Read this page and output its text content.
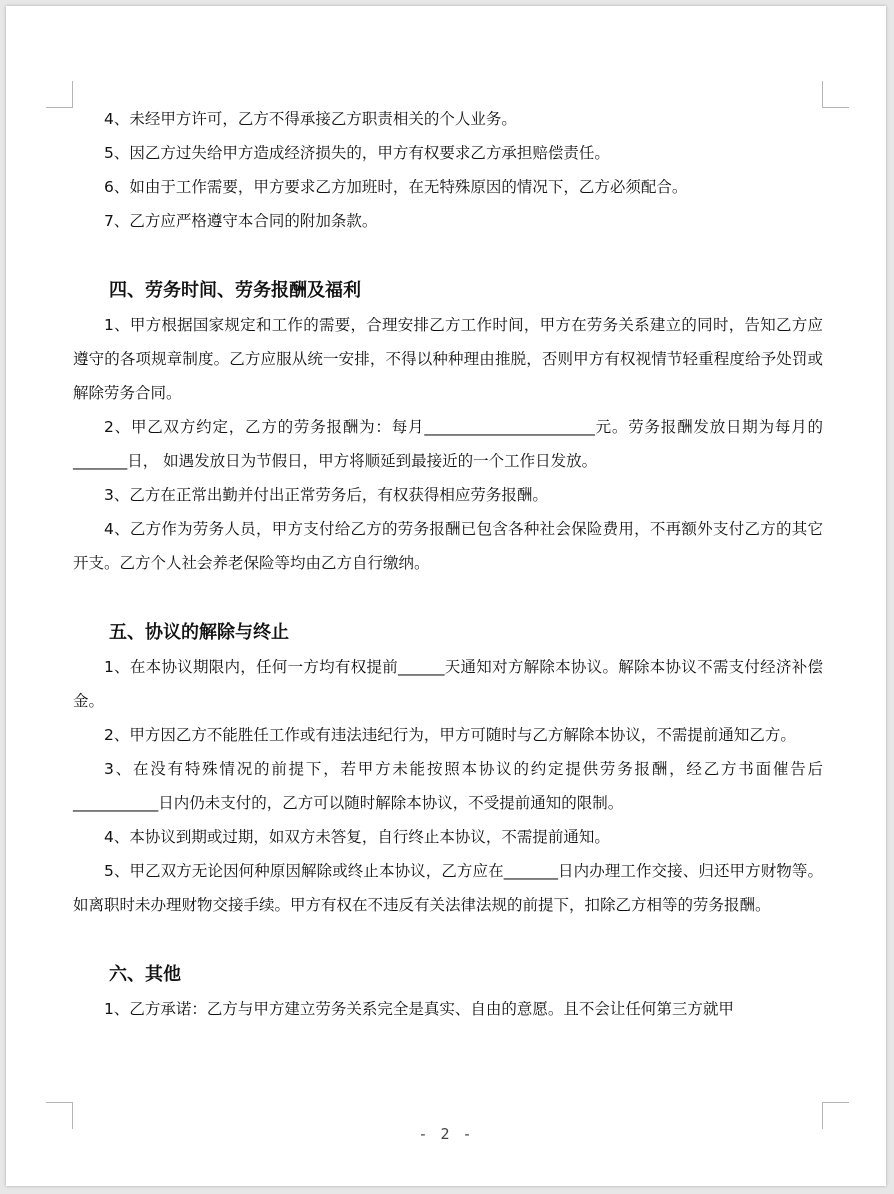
4、未经甲方许可，乙方不得承接乙方职责相关的个人业务。

5、因乙方过失给甲方造成经济损失的，甲方有权要求乙方承担赔偿责任。

6、如由于工作需要，甲方要求乙方加班时，在无特殊原因的情况下，乙方必须配合。

7、乙方应严格遵守本合同的附加条款。

四、劳务时间、劳务报酬及福利

1、甲方根据国家规定和工作的需要，合理安排乙方工作时间，甲方在劳务关系建立的同时，告知乙方应遵守的各项规章制度。乙方应服从统一安排，不得以种种理由推脱，否则甲方有权视情节轻重程度给予处罚或解除劳务合同。

2、甲乙双方约定，乙方的劳务报酬为：每月______________________元。劳务报酬发放日期为每月的_______日， 如遇发放日为节假日，甲方将顺延到最接近的一个工作日发放。

3、乙方在正常出勤并付出正常劳务后，有权获得相应劳务报酬。

4、乙方作为劳务人员，甲方支付给乙方的劳务报酬已包含各种社会保险费用，不再额外支付乙方的其它开支。乙方个人社会养老保险等均由乙方自行缴纳。

五、协议的解除与终止

1、在本协议期限内，任何一方均有权提前______天通知对方解除本协议。解除本协议不需支付经济补偿金。

2、甲方因乙方不能胜任工作或有违法违纪行为，甲方可随时与乙方解除本协议，不需提前通知乙方。

3、在没有特殊情况的前提下，若甲方未能按照本协议的约定提供劳务报酬，经乙方书面催告后___________日内仍未支付的，乙方可以随时解除本协议，不受提前通知的限制。

4、本协议到期或过期，如双方未答复，自行终止本协议，不需提前通知。

5、甲乙双方无论因何种原因解除或终止本协议，乙方应在_______日内办理工作交接、归还甲方财物等。如离职时未办理财物交接手续。甲方有权在不违反有关法律法规的前提下，扣除乙方相等的劳务报酬。

六、其他

1、乙方承诺：乙方与甲方建立劳务关系完全是真实、自由的意愿。且不会让任何第三方就甲

- 2 -
